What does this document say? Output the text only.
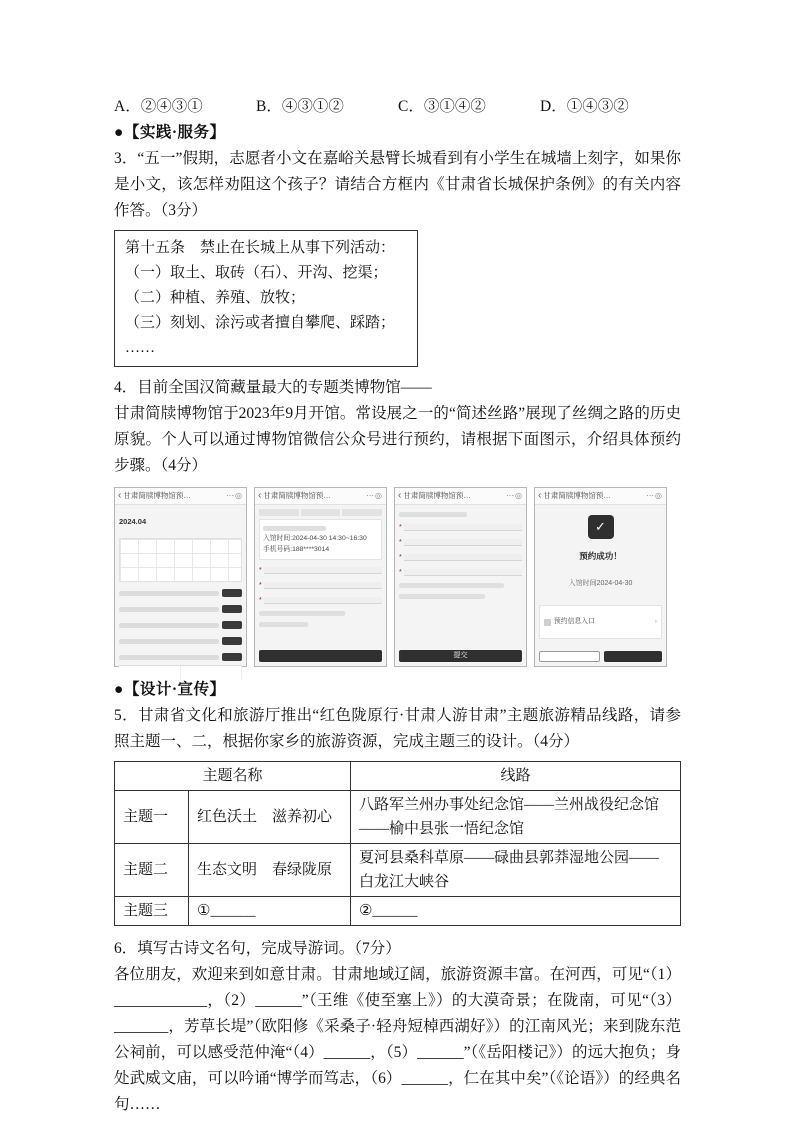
A．②④③①	B．④③①②	C．③①④②	D．①④③②
●【实践·服务】

3．“五一”假期，志愿者小文在嘉峪关悬臂长城看到有小学生在城墙上刻字，如果你是小文，该怎样劝阻这个孩子？请结合方框内《甘肃省长城保护条例》的有关内容作答。（3分）

第十五条　禁止在长城上从事下列活动：
（一）取土、取砖（石）、开沟、挖渠；
（二）种植、养殖、放牧；
（三）刻划、涂污或者擅自攀爬、踩踏；
……

4．目前全国汉简藏量最大的专题类博物馆——

甘肃简牍博物馆于2023年9月开馆。常设展之一的“简述丝路”展现了丝绸之路的历史原貌。个人可以通过博物馆微信公众号进行预约，请根据下面图示，介绍具体预约步骤。（4分）

‹ 甘肃简牍博物馆预…	⋯◎
2024.04
‹ 甘肃简牍博物馆预…	⋯◎
入馆时间:2024-04-30 14:30~16:30
手机号码:188****3014
*
*
*
‹ 甘肃简牍博物馆预…	⋯◎
*
*
*
*
提交
‹ 甘肃简牍博物馆预…	⋯◎
✓
预约成功！
入馆时间2024-04-30
预约信息入口	›
●【设计·宣传】

5．甘肃省文化和旅游厅推出“红色陇原行·甘肃人游甘肃”主题旅游精品线路，请参照主题一、二，根据你家乡的旅游资源，完成主题三的设计。（4分）

主题名称		线路
主题一	红色沃土　滋养初心	八路军兰州办事处纪念馆——兰州战役纪念馆——榆中县张一悟纪念馆
主题二	生态文明　春绿陇原	夏河县桑科草原——碌曲县郭莽湿地公园——白龙江大峡谷
主题三	①______	②______

6．填写古诗文名句，完成导游词。（7分）

各位朋友，欢迎来到如意甘肃。甘肃地域辽阔，旅游资源丰富。在河西，可见“（1）____________，（2）______”（王维《使至塞上》）的大漠奇景；在陇南，可见“（3）_______，芳草长堤”（欧阳修《采桑子·轻舟短棹西湖好》）的江南风光；来到陇东范公祠前，可以感受范仲淹“（4）______，（5）______”（《岳阳楼记》）的远大抱负；身处武威文庙，可以吟诵“博学而笃志，（6）______，仁在其中矣”（《论语》）的经典名句……
